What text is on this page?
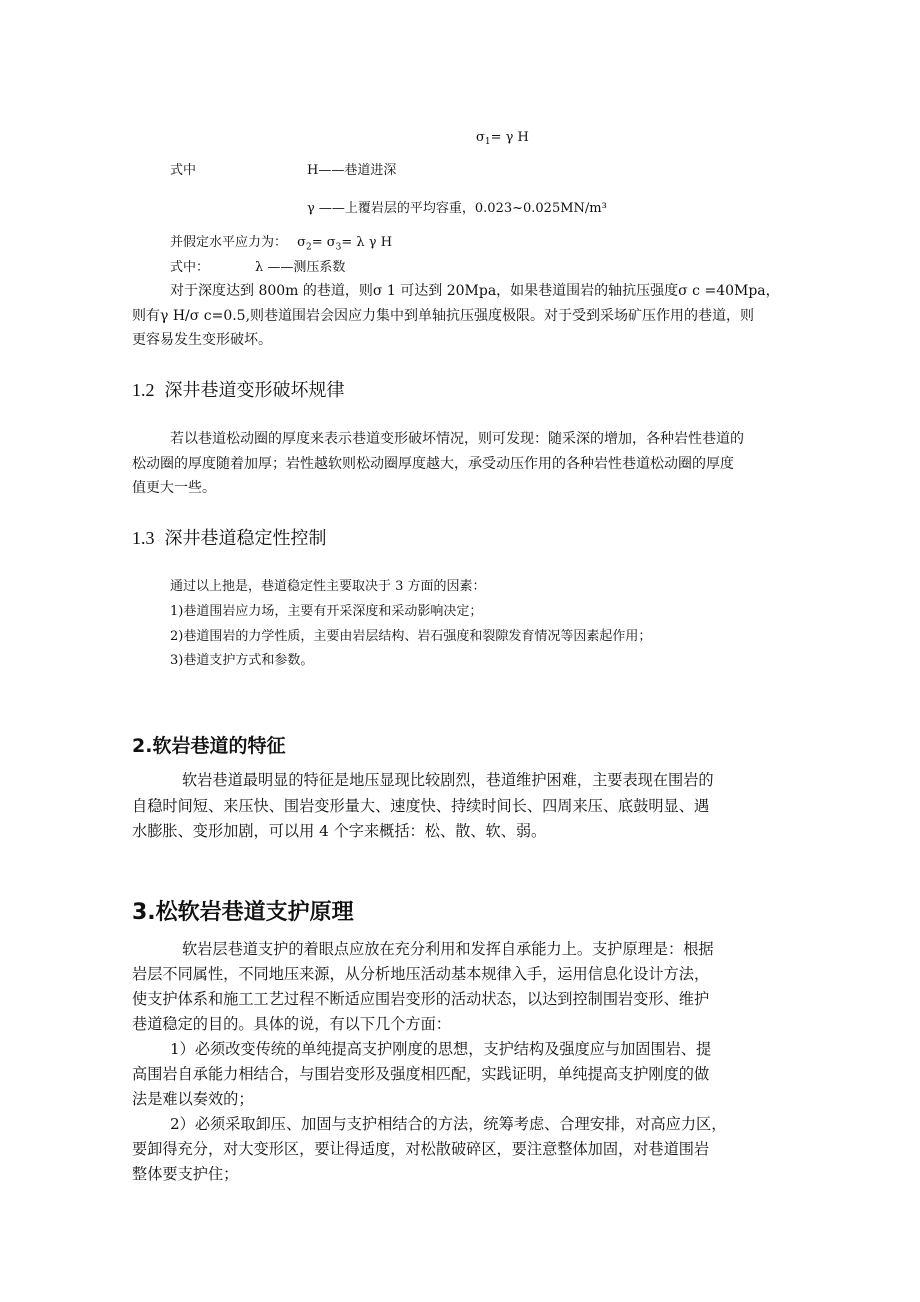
$\sigma_1= \gamma$ H
式中	H——巷道进深
γ ——上覆岩层的平均容重，0.023~0.025MN/m³
并假定水平应力为： $\sigma_2= \sigma_3= \lambda$ γ H
式中：	λ ——测压系数
对于深度达到 800m 的巷道，则σ 1 可达到 20Mpa，如果巷道围岩的轴抗压强度σ c =40Mpa，
则有γ H/σ c=0.5,则巷道围岩会因应力集中到单轴抗压强度极限。对于受到采场矿压作用的巷道，则
更容易发生变形破坏。
1.2 深井巷道变形破坏规律
若以巷道松动圈的厚度来表示巷道变形破坏情况，则可发现：随采深的增加，各种岩性巷道的
松动圈的厚度随着加厚；岩性越软则松动圈厚度越大，承受动压作用的各种岩性巷道松动圈的厚度
值更大一些。
1.3 深井巷道稳定性控制
通过以上扡是，巷道稳定性主要取决于 3 方面的因素：
1)巷道围岩应力场，主要有开采深度和采动影响决定；
2)巷道围岩的力学性质，主要由岩层结构、岩石强度和裂隙发育情况等因素起作用；
3)巷道支护方式和参数。
2.软岩巷道的特征
软岩巷道最明显的特征是地压显现比较剧烈，巷道维护困难，主要表现在围岩的
自稳时间短、来压快、围岩变形量大、速度快、持续时间长、四周来压、底鼓明显、遇
水膨胀、变形加剧，可以用 4 个字来概括：松、散、软、弱。
3.松软岩巷道支护原理
软岩层巷道支护的着眼点应放在充分利用和发挥自承能力上。支护原理是：根据
岩层不同属性，不同地压来源，从分析地压活动基本规律入手，运用信息化设计方法，
使支护体系和施工工艺过程不断适应围岩变形的活动状态，以达到控制围岩变形、维护
巷道稳定的目的。具体的说，有以下几个方面：
1）必须改变传统的单纯提高支护刚度的思想，支护结构及强度应与加固围岩、提
高围岩自承能力相结合，与围岩变形及强度相匹配，实践证明，单纯提高支护刚度的做
法是难以奏效的；
2）必须采取卸压、加固与支护相结合的方法，统筹考虑、合理安排，对高应力区，
要卸得充分，对大变形区，要让得适度，对松散破碎区，要注意整体加固，对巷道围岩
整体要支护住；
